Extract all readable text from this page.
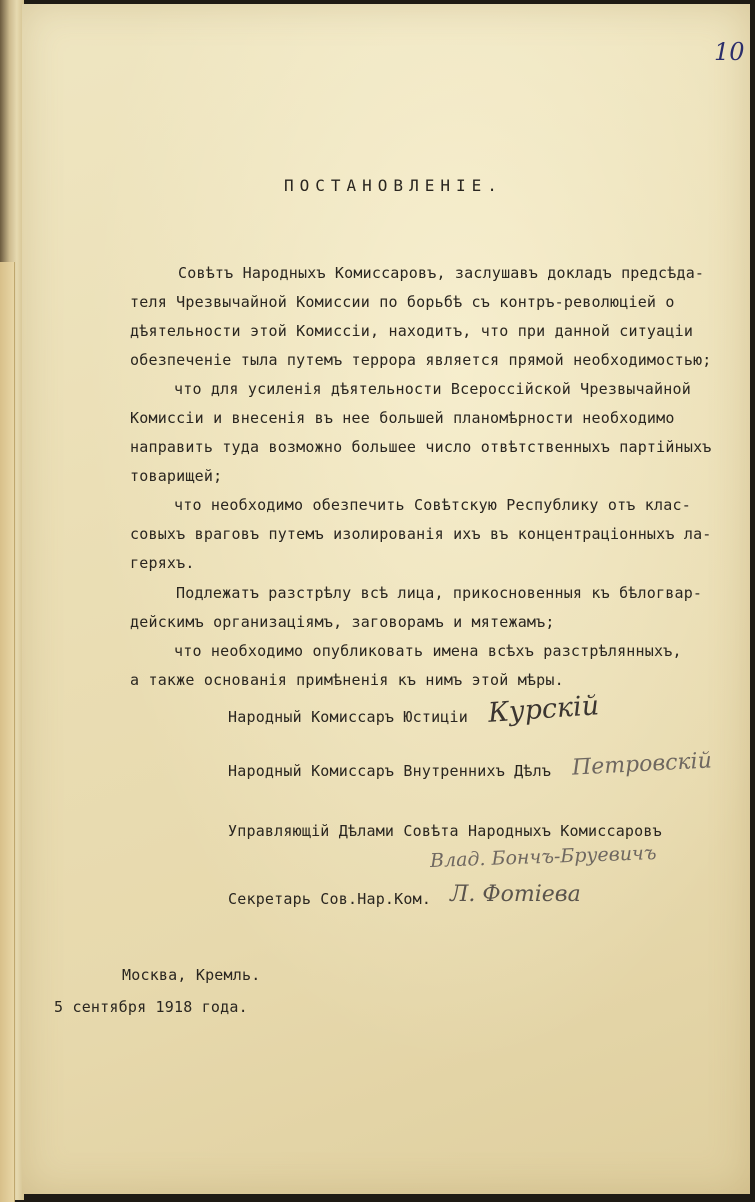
10
ПОСТАНОВЛЕНІЕ.
Совѣтъ Народныхъ Комиссаровъ, заслушавъ докладъ предсѣда-
теля Чрезвычайной Комиссии по борьбѣ съ контръ-революціей о
дѣятельности этой Комиссіи, находитъ, что при данной ситуаціи
обезпеченіе тыла путемъ террора является прямой необходимостью;
что для усиленія дѣятельности Всероссійской Чрезвычайной
Комиссіи и внесенія въ нее большей планомѣрности необходимо
направить туда возможно большее число отвѣтственныхъ партійныхъ
товарищей;
что необходимо обезпечить Совѣтскую Республику отъ клас-
совыхъ враговъ путемъ изолированія ихъ въ концентраціонныхъ ла-
геряхъ.
Подлежатъ разстрѣлу всѣ лица, прикосновенныя къ бѣлогвар-
дейскимъ организаціямъ, заговорамъ и мятежамъ;
что необходимо опубликовать имена всѣхъ разстрѣлянныхъ,
а также основанія примѣненія къ нимъ этой мѣры.
Народный Комиссаръ Юстиціи Курскій
Народный Комиссаръ Внутреннихъ Дѣлъ Петровскій
Управляющій Дѣлами Совѣта Народныхъ Комиссаровъ
Влад. Бончъ-Бруевичъ
Секретарь Сов.Нар.Ком. Л. Фотіева
Москва, Кремль.
5 сентября 1918 года.
